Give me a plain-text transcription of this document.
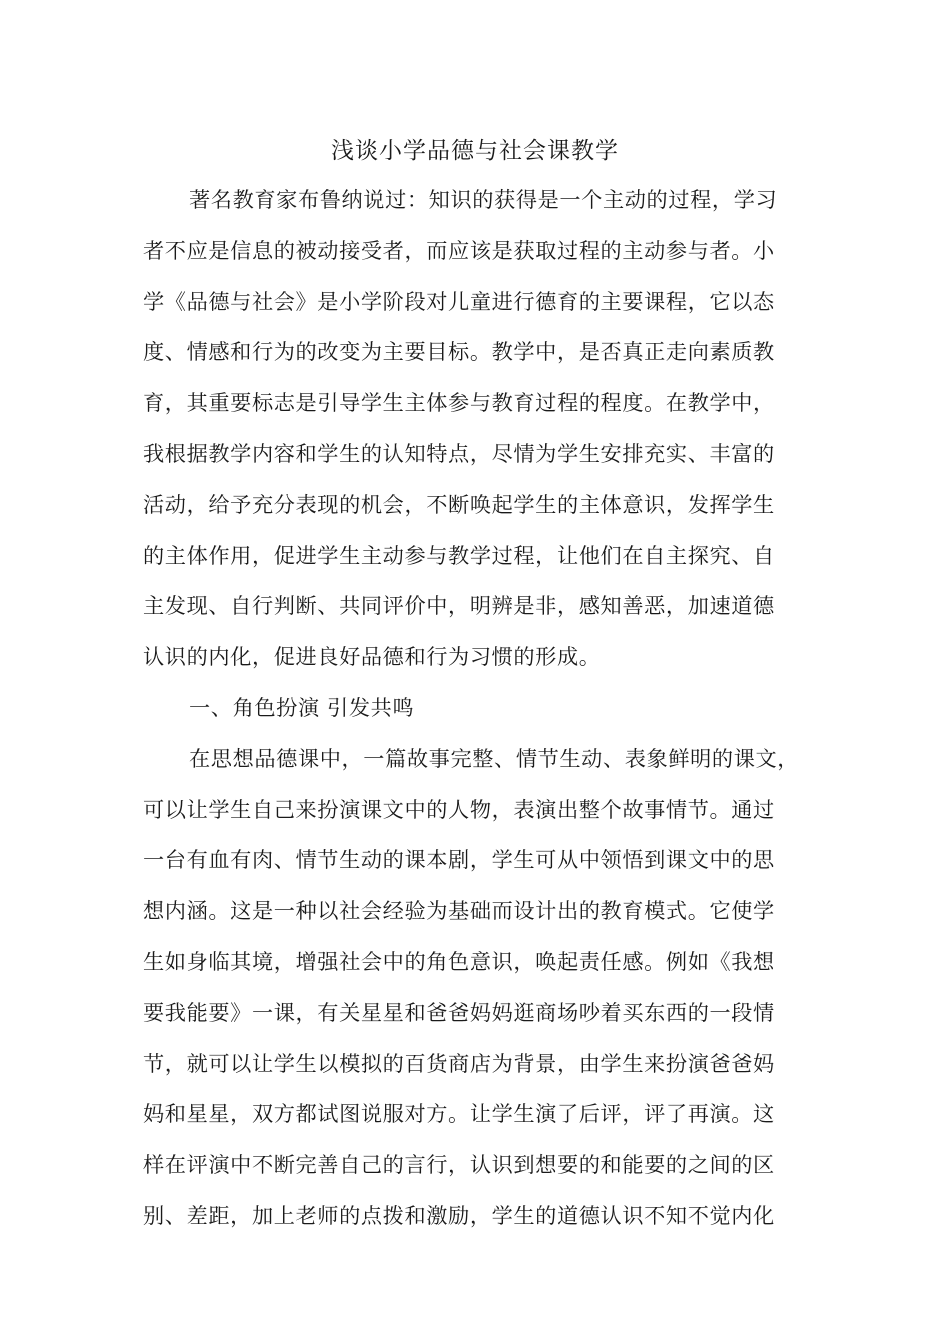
浅谈小学品德与社会课教学
著名教育家布鲁纳说过：知识的获得是一个主动的过程，学习
者不应是信息的被动接受者，而应该是获取过程的主动参与者。小
学《品德与社会》是小学阶段对儿童进行德育的主要课程，它以态
度、情感和行为的改变为主要目标。教学中，是否真正走向素质教
育，其重要标志是引导学生主体参与教育过程的程度。在教学中，
我根据教学内容和学生的认知特点，尽情为学生安排充实、丰富的
活动，给予充分表现的机会，不断唤起学生的主体意识，发挥学生
的主体作用，促进学生主动参与教学过程，让他们在自主探究、自
主发现、自行判断、共同评价中，明辨是非，感知善恶，加速道德
认识的内化，促进良好品德和行为习惯的形成。
一、角色扮演 引发共鸣
在思想品德课中，一篇故事完整、情节生动、表象鲜明的课文，
可以让学生自己来扮演课文中的人物，表演出整个故事情节。通过
一台有血有肉、情节生动的课本剧，学生可从中领悟到课文中的思
想内涵。这是一种以社会经验为基础而设计出的教育模式。它使学
生如身临其境，增强社会中的角色意识，唤起责任感。例如《我想
要我能要》一课，有关星星和爸爸妈妈逛商场吵着买东西的一段情
节，就可以让学生以模拟的百货商店为背景，由学生来扮演爸爸妈
妈和星星，双方都试图说服对方。让学生演了后评，评了再演。这
样在评演中不断完善自己的言行，认识到想要的和能要的之间的区
别、差距，加上老师的点拨和激励，学生的道德认识不知不觉内化
